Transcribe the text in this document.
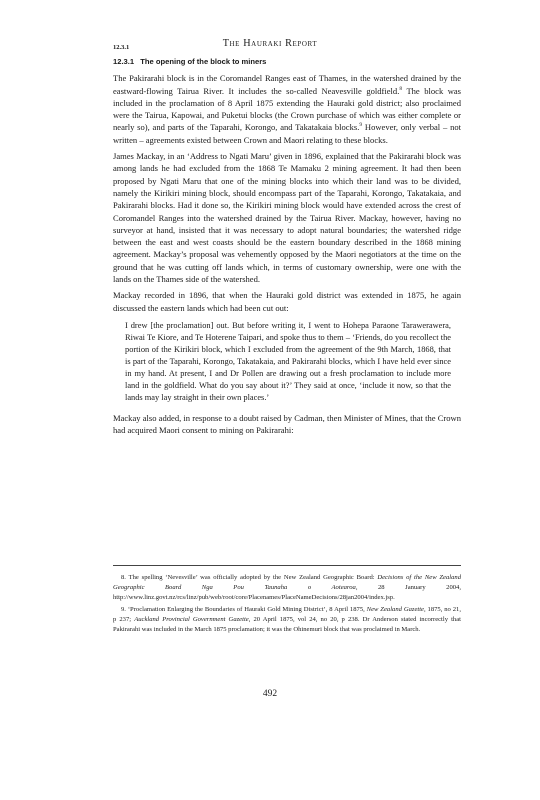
The Hauraki Report
12.3.1
12.3.1 The opening of the block to miners

The Pakirarahi block is in the Coromandel Ranges east of Thames, in the watershed drained by the eastward-flowing Tairua River. It includes the so-called Neavesville goldfield.$^8$ The block was included in the proclamation of 8 April 1875 extending the Hauraki gold district; also proclaimed were the Tairua, Kapowai, and Puketui blocks (the Crown purchase of which was either complete or nearly so), and parts of the Taparahi, Korongo, and Takatakaia blocks.$^9$ However, only verbal – not written – agreements existed between Crown and Maori relating to these blocks.

James Mackay, in an ‘Address to Ngati Maru’ given in 1896, explained that the Pakirarahi block was among lands he had excluded from the 1868 Te Mamaku 2 mining agreement. It had then been proposed by Ngati Maru that one of the mining blocks into which their land was to be divided, namely the Kirikiri mining block, should encompass part of the Taparahi, Korongo, Takatakaia, and Pakirarahi blocks. Had it done so, the Kirikiri mining block would have extended across the crest of Coromandel Ranges into the watershed drained by the Tairua River. Mackay, however, having no surveyor at hand, insisted that it was necessary to adopt natural boundaries; the watershed ridge between the east and west coasts should be the eastern boundary described in the 1868 mining agreement. Mackay’s proposal was vehemently opposed by the Maori negotiators at the time on the ground that he was cutting off lands which, in terms of customary ownership, were one with the lands on the Thames side of the watershed.

Mackay recorded in 1896, that when the Hauraki gold district was extended in 1875, he again discussed the eastern lands which had been cut out:

I drew [the proclamation] out. But before writing it, I went to Hohepa Paraone Tarawerawera, Riwai Te Kiore, and Te Hoterene Taipari, and spoke thus to them – ‘Friends, do you recollect the portion of the Kirikiri block, which I excluded from the agreement of the 9th March, 1868, that is part of the Taparahi, Korongo, Takatakaia, and Pakirarahi blocks, which I have held ever since in my hand. At present, I and Dr Pollen are drawing out a fresh proclamation to include more land in the goldfield. What do you say about it?’ They said at once, ‘include it now, so that the lands may lay straight in their own places.’

Mackay also added, in response to a doubt raised by Cadman, then Minister of Mines, that the Crown had acquired Maori consent to mining on Pakirarahi:

8. The spelling ‘Nevesville’ was officially adopted by the New Zealand Geographic Board: Decisions of the New Zealand Geographic Board Nga Pou Taunaha o Aotearoa, 28 January 2004, http://www.linz.govt.nz/rcs/linz/pub/web/root/core/Placenames/PlaceNameDecisions/28jan2004/index.jsp.
9. ‘Proclamation Enlarging the Boundaries of Hauraki Gold Mining District’, 8 April 1875, New Zealand Gazette, 1875, no 21, p 237; Auckland Provincial Government Gazette, 20 April 1875, vol 24, no 20, p 238. Dr Anderson stated incorrectly that Pakirarahi was included in the March 1875 proclamation; it was the Ohinemuri block that was proclaimed in March.
492
